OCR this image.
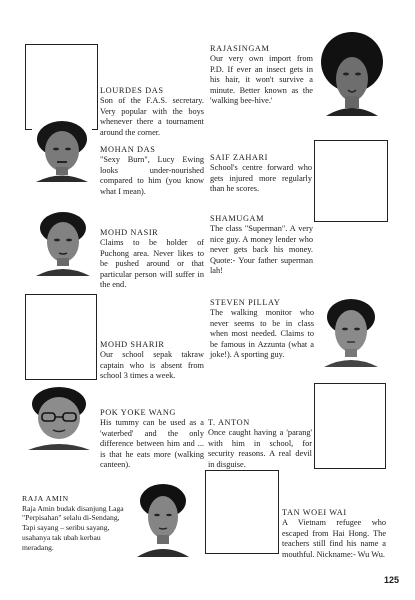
LOURDES DAS
Son of the F.A.S. secretary. Very popular with the boys whenever there a tournament around the corner.
RAJASINGAM
Our very own import from P.D. If ever an insect gets in his hair, it won't survive a minute. Better known as the 'walking bee-hive.'
MOHAN DAS
"Sexy Burn", Lucy Ewing looks under-nourished compared to him (you know what I mean).
SAIF ZAHARI
School's centre forward who gets injured more regularly than he scores.
MOHD NASIR
Claims to be holder of Puchong area. Never likes to be pushed around or that particular person will suffer in the end.
SHAMUGAM
The class "Superman". A very nice guy. A money lender who never gets back his money. Quote:- Your father superman lah!
MOHD SHARIR
Our school sepak takraw captain who is absent from school 3 times a week.
STEVEN PILLAY
The walking monitor who never seems to be in class when most needed. Claims to be famous in Azzunta (what a joke!). A sporting guy.
POK YOKE WANG
His tummy can be used as a 'waterbed' and the only difference between him and ... is that he eats more (walking canteen).
T. ANTON
Once caught having a 'parang' with him in school, for security reasons. A real devil in disguise.
RAJA AMIN
Raja Amin budak disanjung Laga "Perpisahan" selalu di-Sendang, Tapi sayang – seribu sayang, usahanya tak ubah kerbau meradang.
TAN WOEI WAI
A Vietnam refugee who escaped from Hai Hong. The teachers still find his name a mouthful. Nickname:- Wu Wu.
125
